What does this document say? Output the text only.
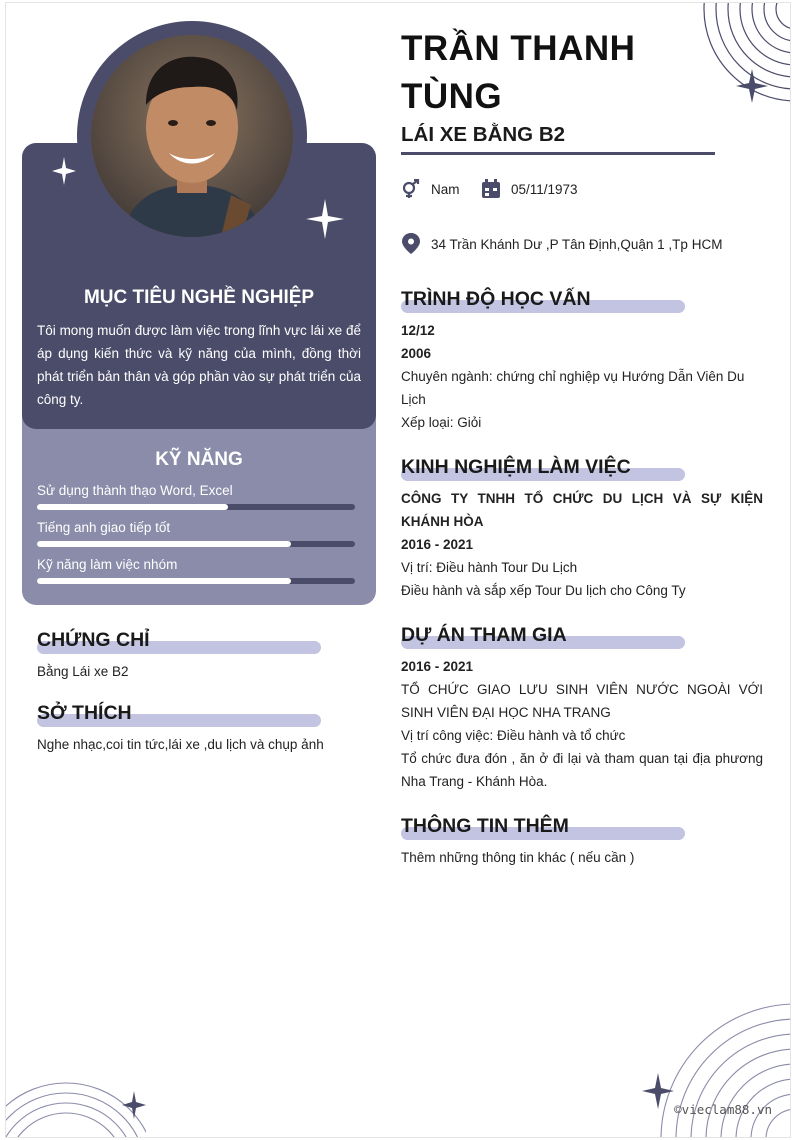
MỤC TIÊU NGHỀ NGHIỆP
Tôi mong muốn được làm việc trong lĩnh vực lái xe để áp dụng kiến thức và kỹ năng của mình, đồng thời phát triển bản thân và góp phần vào sự phát triển của công ty.
KỸ NĂNG
Sử dụng thành thạo Word, Excel
Tiếng anh giao tiếp tốt
Kỹ năng làm việc nhóm
CHỨNG CHỈ
Bằng Lái xe B2
SỞ THÍCH
Nghe nhạc,coi tin tức,lái xe ,du lịch và chụp ảnh
TRẦN THANH
TÙNG
LÁI XE BẰNG B2
Nam	05/11/1973
34 Trần Khánh Dư ,P Tân Định,Quận 1 ,Tp HCM
TRÌNH ĐỘ HỌC VẤN
12/12
2006
Chuyên ngành: chứng chỉ nghiệp vụ Hướng Dẫn Viên Du Lịch
Xếp loại: Giỏi
KINH NGHIỆM LÀM VIỆC
CÔNG TY TNHH TỔ CHỨC DU LỊCH VÀ SỰ KIỆN KHÁNH HÒA
2016 - 2021
Vị trí: Điều hành Tour Du Lịch
Điều hành và sắp xếp Tour Du lịch cho Công Ty
DỰ ÁN THAM GIA
2016 - 2021
TỔ CHỨC GIAO LƯU SINH VIÊN NƯỚC NGOÀI VỚI SINH VIÊN ĐẠI HỌC NHA TRANG
Vị trí công việc: Điều hành và tổ chức
Tổ chức đưa đón , ăn ở đi lại và tham quan tại địa phương Nha Trang - Khánh Hòa.
THÔNG TIN THÊM
Thêm những thông tin khác ( nếu cần )
©vieclam88.vn
